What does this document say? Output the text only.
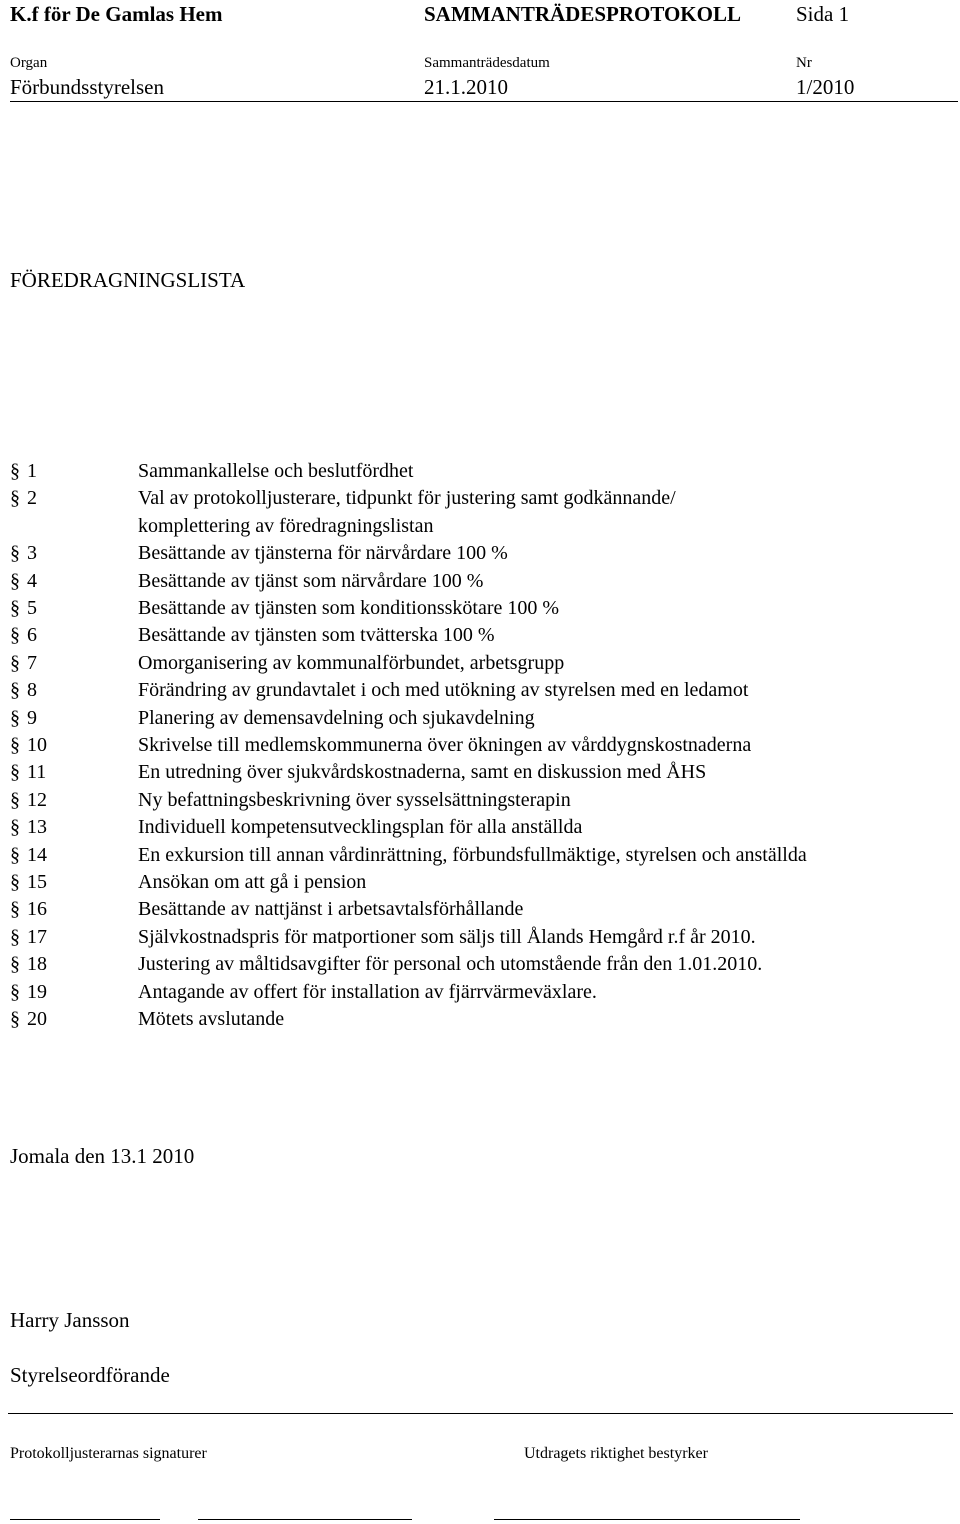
K.f för De Gamlas Hem	SAMMANTRÄDESPROTOKOLL	Sida 1
Organ	Sammanträdesdatum	Nr
Förbundsstyrelsen	21.1.2010	1/2010
FÖREDRAGNINGSLISTA
§ 1	Sammankallelse och beslutfördhet
§ 2	Val av protokolljusterare, tidpunkt för justering samt godkännande/
komplettering av föredragningslistan
§ 3	Besättande av tjänsterna för närvårdare 100 %
§ 4	Besättande av tjänst som närvårdare 100 %
§ 5	Besättande av tjänsten som konditionsskötare 100 %
§ 6	Besättande av tjänsten som tvätterska 100 %
§ 7	Omorganisering av kommunalförbundet, arbetsgrupp
§ 8	Förändring av grundavtalet i och med utökning av styrelsen med en ledamot
§ 9	Planering av demensavdelning och sjukavdelning
§ 10	Skrivelse till medlemskommunerna över ökningen av vårddygnskostnaderna
§ 11	En utredning över sjukvårdskostnaderna, samt en diskussion med ÅHS
§ 12	Ny befattningsbeskrivning över sysselsättningsterapin
§ 13	Individuell kompetensutvecklingsplan för alla anställda
§ 14	En exkursion till annan vårdinrättning, förbundsfullmäktige, styrelsen och anställda
§ 15	Ansökan om att gå i pension
§ 16	Besättande av nattjänst i arbetsavtalsförhållande
§ 17	Självkostnadspris för matportioner som säljs till Ålands Hemgård r.f år 2010.
§ 18	Justering av måltidsavgifter för personal och utomstående från den 1.01.2010.
§ 19	Antagande av offert för installation av fjärrvärmeväxlare.
§ 20	Mötets avslutande
Jomala den 13.1 2010
Harry Jansson
Styrelseordförande
Protokolljusterarnas signaturer	Utdragets riktighet bestyrker
